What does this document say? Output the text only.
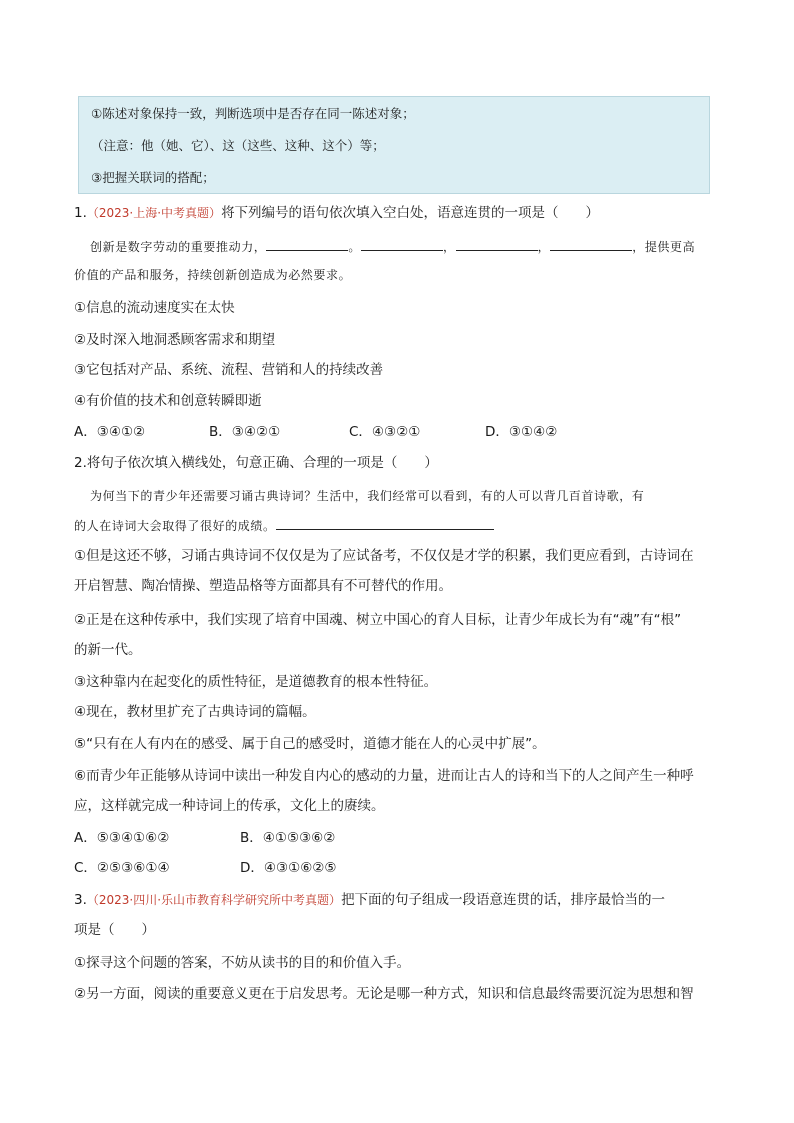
①陈述对象保持一致，判断选项中是否存在同一陈述对象；
（注意：他（她、它）、这（这些、这种、这个）等；
③把握关联词的搭配；
1.（2023·上海·中考真题）将下列编号的语句依次填入空白处，语意连贯的一项是（　　）
创新是数字劳动的重要推动力，	。	，	，	，提供更高
价值的产品和服务，持续创新创造成为必然要求。
①信息的流动速度实在太快
②及时深入地洞悉顾客需求和期望
③它包括对产品、系统、流程、营销和人的持续改善
④有价值的技术和创意转瞬即逝
A．③④①②	B．③④②①	C．④③②①	D．③①④②
2.将句子依次填入横线处，句意正确、合理的一项是（　　）
为何当下的青少年还需要习诵古典诗词？生活中，我们经常可以看到，有的人可以背几百首诗歌，有
的人在诗词大会取得了很好的成绩。
①但是这还不够，习诵古典诗词不仅仅是为了应试备考，不仅仅是才学的积累，我们更应看到，古诗词在
开启智慧、陶冶情操、塑造品格等方面都具有不可替代的作用。
②正是在这种传承中，我们实现了培育中国魂、树立中国心的育人目标，让青少年成长为有“魂”有“根”
的新一代。
③这种靠内在起变化的质性特征，是道德教育的根本性特征。
④现在，教材里扩充了古典诗词的篇幅。
⑤“只有在人有内在的感受、属于自己的感受时，道德才能在人的心灵中扩展”。
⑥而青少年正能够从诗词中读出一种发自内心的感动的力量，进而让古人的诗和当下的人之间产生一种呼
应，这样就完成一种诗词上的传承，文化上的赓续。
A．⑤③④①⑥②	B．④①⑤③⑥②
C．②⑤③⑥①④	D．④③①⑥②⑤
3.（2023·四川·乐山市教育科学研究所中考真题）把下面的句子组成一段语意连贯的话，排序最恰当的一
项是（　　）
①探寻这个问题的答案，不妨从读书的目的和价值入手。
②另一方面，阅读的重要意义更在于启发思考。无论是哪一种方式，知识和信息最终需要沉淀为思想和智
